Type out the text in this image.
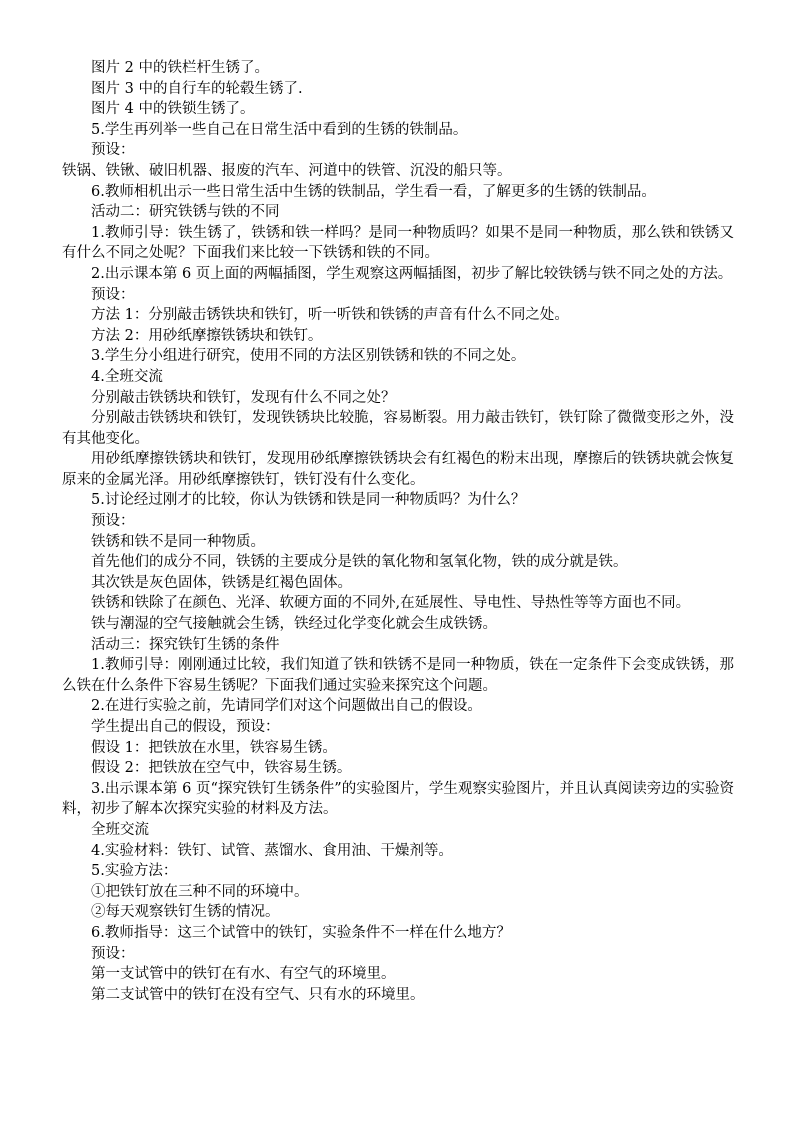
图片 2 中的铁栏杆生锈了。

图片 3 中的自行车的轮毂生锈了.

图片 4 中的铁锁生锈了。

5.学生再列举一些自己在日常生活中看到的生锈的铁制品。

预设：

铁锅、铁锹、破旧机器、报废的汽车、河道中的铁管、沉没的船只等。

6.教师相机出示一些日常生活中生锈的铁制品，学生看一看，了解更多的生锈的铁制品。

活动二：研究铁锈与铁的不同

1.教师引导：铁生锈了，铁锈和铁一样吗？是同一种物质吗？如果不是同一种物质，那么铁和铁锈又有什么不同之处呢？下面我们来比较一下铁锈和铁的不同。

2.出示课本第 6 页上面的两幅插图，学生观察这两幅插图，初步了解比较铁锈与铁不同之处的方法。

预设：

方法 1：分别敲击锈铁块和铁钉，听一听铁和铁锈的声音有什么不同之处。

方法 2：用砂纸摩擦铁锈块和铁钉。

3.学生分小组进行研究，使用不同的方法区别铁锈和铁的不同之处。

4.全班交流

分别敲击铁锈块和铁钉，发现有什么不同之处？

分别敲击铁锈块和铁钉，发现铁锈块比较脆，容易断裂。用力敲击铁钉，铁钉除了微微变形之外，没有其他变化。

用砂纸摩擦铁锈块和铁钉，发现用砂纸摩擦铁锈块会有红褐色的粉末出现，摩擦后的铁锈块就会恢复原来的金属光泽。用砂纸摩擦铁钉，铁钉没有什么变化。

5.讨论经过刚才的比较，你认为铁锈和铁是同一种物质吗？为什么？

预设：

铁锈和铁不是同一种物质。

首先他们的成分不同，铁锈的主要成分是铁的氧化物和氢氧化物，铁的成分就是铁。

其次铁是灰色固体，铁锈是红褐色固体。

铁锈和铁除了在颜色、光泽、软硬方面的不同外,在延展性、导电性、导热性等等方面也不同。

铁与潮湿的空气接触就会生锈，铁经过化学变化就会生成铁锈。

活动三：探究铁钉生锈的条件

1.教师引导：刚刚通过比较，我们知道了铁和铁锈不是同一种物质，铁在一定条件下会变成铁锈，那么铁在什么条件下容易生锈呢？下面我们通过实验来探究这个问题。

2.在进行实验之前，先请同学们对这个问题做出自己的假设。

学生提出自己的假设，预设：

假设 1：把铁放在水里，铁容易生锈。

假设 2：把铁放在空气中，铁容易生锈。

3.出示课本第 6 页“探究铁钉生锈条件”的实验图片，学生观察实验图片，并且认真阅读旁边的实验资料，初步了解本次探究实验的材料及方法。

全班交流

4.实验材料：铁钉、试管、蒸馏水、食用油、干燥剂等。

5.实验方法：

①把铁钉放在三种不同的环境中。

②每天观察铁钉生锈的情况。

6.教师指导：这三个试管中的铁钉，实验条件不一样在什么地方？

预设：

第一支试管中的铁钉在有水、有空气的环境里。

第二支试管中的铁钉在没有空气、只有水的环境里。
